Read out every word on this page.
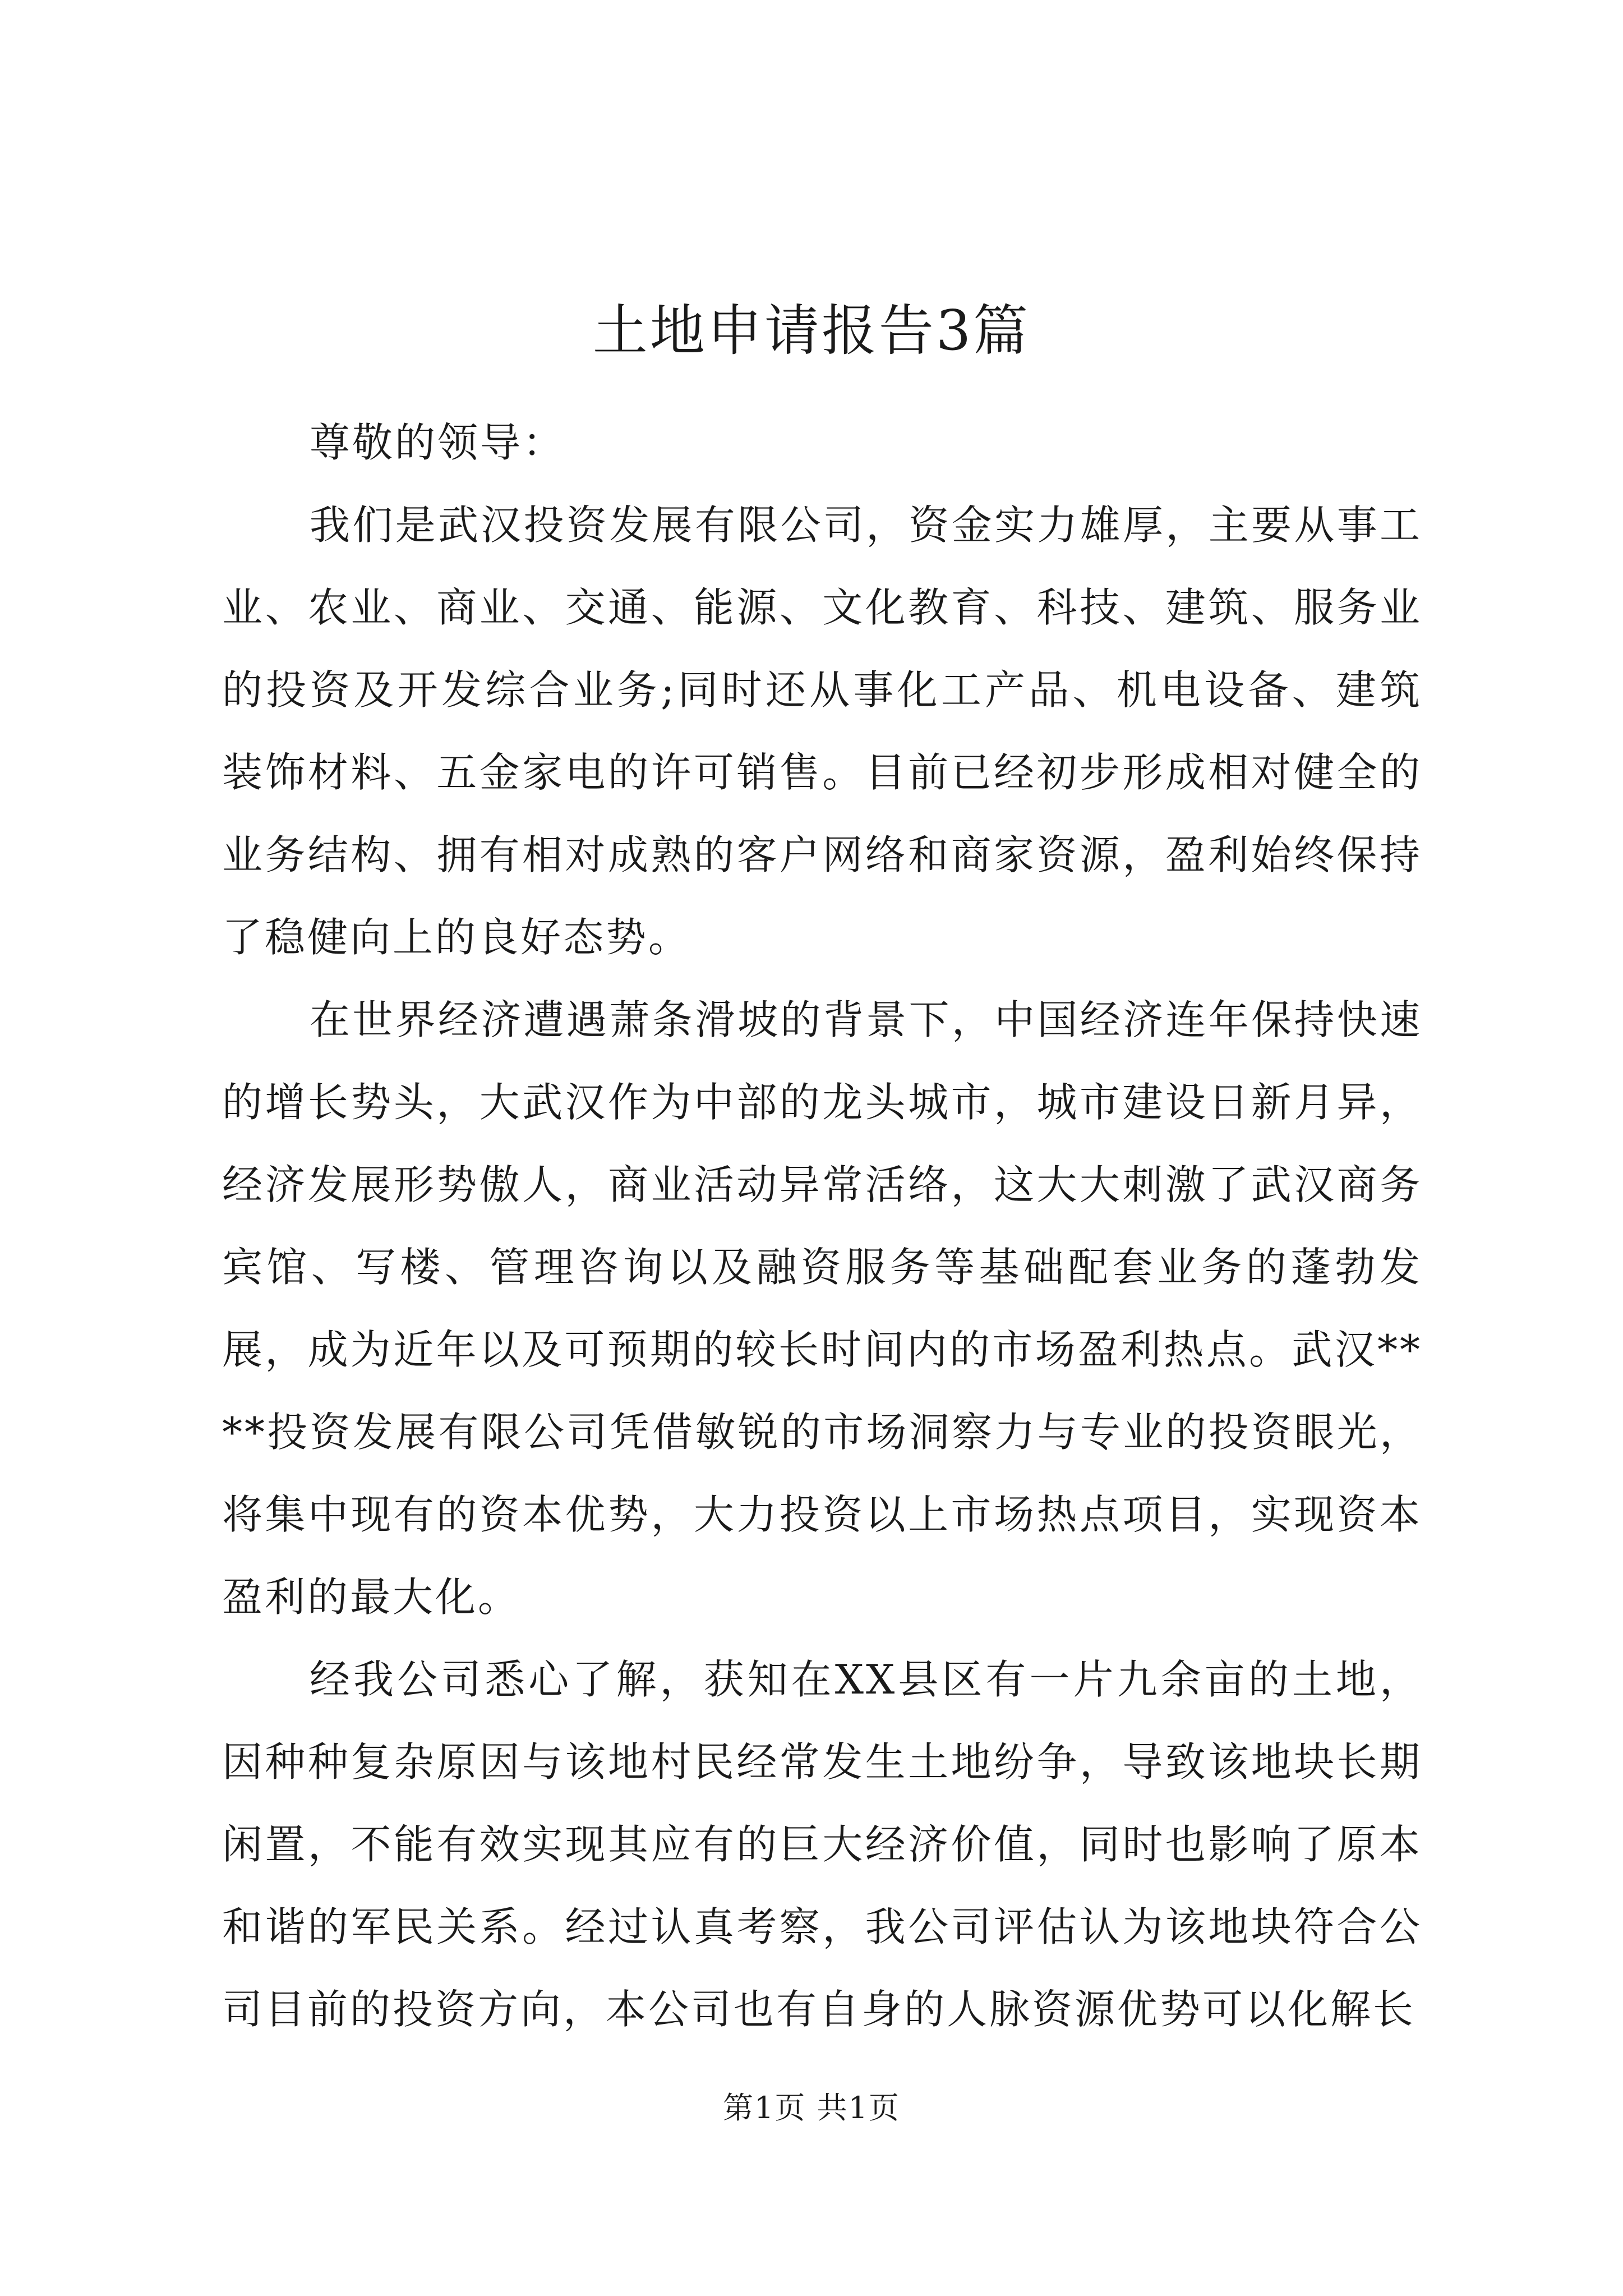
土地申请报告3篇

尊敬的领导：

我们是武汉投资发展有限公司，资金实力雄厚，主要从事工业、农业、商业、交通、能源、文化教育、科技、建筑、服务业的投资及开发综合业务;同时还从事化工产品、机电设备、建筑装饰材料、五金家电的许可销售。目前已经初步形成相对健全的业务结构、拥有相对成熟的客户网络和商家资源，盈利始终保持了稳健向上的良好态势。

在世界经济遭遇萧条滑坡的背景下，中国经济连年保持快速的增长势头，大武汉作为中部的龙头城市，城市建设日新月异，经济发展形势傲人，商业活动异常活络，这大大刺激了武汉商务宾馆、写楼、管理咨询以及融资服务等基础配套业务的蓬勃发展，成为近年以及可预期的较长时间内的市场盈利热点。武汉****投资发展有限公司凭借敏锐的市场洞察力与专业的投资眼光，将集中现有的资本优势，大力投资以上市场热点项目，实现资本盈利的最大化。

经我公司悉心了解，获知在XX县区有一片九余亩的土地，因种种复杂原因与该地村民经常发生土地纷争，导致该地块长期闲置，不能有效实现其应有的巨大经济价值，同时也影响了原本和谐的军民关系。经过认真考察，我公司评估认为该地块符合公司目前的投资方向，本公司也有自身的人脉资源优势可以化解长

第1页 共1页
